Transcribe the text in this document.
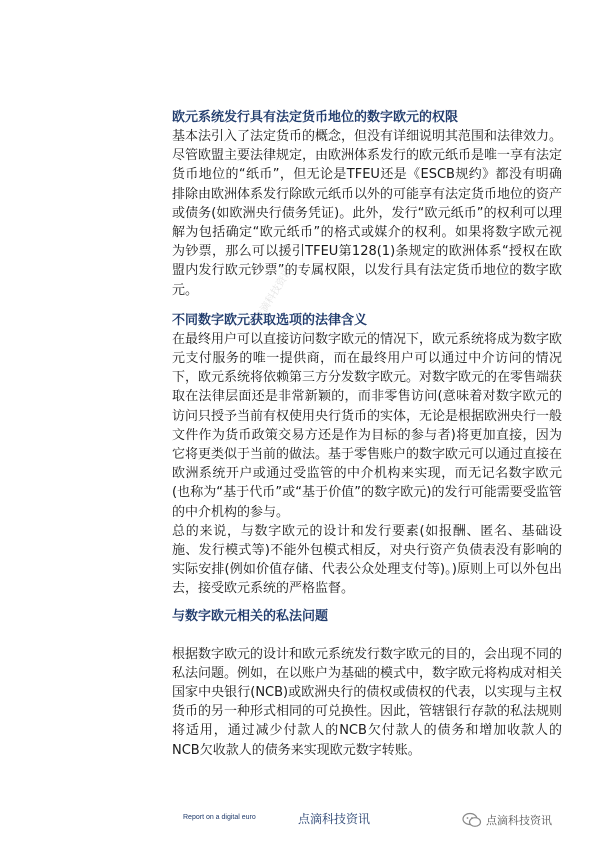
点滴科技资讯
欧元系统发行具有法定货币地位的数字欧元的权限

基本法引入了法定货币的概念，但没有详细说明其范围和法律效力。尽管欧盟主要法律规定，由欧洲体系发行的欧元纸币是唯一享有法定货币地位的“纸币”，但无论是TFEU还是《ESCB规约》都没有明确排除由欧洲体系发行除欧元纸币以外的可能享有法定货币地位的资产或债务(如欧洲央行债务凭证)。此外，发行“欧元纸币”的权利可以理解为包括确定“欧元纸币”的格式或媒介的权利。如果将数字欧元视为钞票，那么可以援引TFEU第128(1)条规定的欧洲体系“授权在欧盟内发行欧元钞票”的专属权限，以发行具有法定货币地位的数字欧元。

不同数字欧元获取选项的法律含义

在最终用户可以直接访问数字欧元的情况下，欧元系统将成为数字欧元支付服务的唯一提供商，而在最终用户可以通过中介访问的情况下，欧元系统将依赖第三方分发数字欧元。对数字欧元的在零售端获取在法律层面还是非常新颖的，而非零售访问(意味着对数字欧元的访问只授予当前有权使用央行货币的实体，无论是根据欧洲央行一般文件作为货币政策交易方还是作为目标的参与者)将更加直接，因为它将更类似于当前的做法。基于零售账户的数字欧元可以通过直接在欧洲系统开户或通过受监管的中介机构来实现，而无记名数字欧元(也称为“基于代币”或“基于价值”的数字欧元)的发行可能需要受监管的中介机构的参与。

总的来说，与数字欧元的设计和发行要素(如报酬、匿名、基础设施、发行模式等)不能外包模式相反，对央行资产负债表没有影响的实际安排(例如价值存储、代表公众处理支付等)。)原则上可以外包出去，接受欧元系统的严格监督。

与数字欧元相关的私法问题

根据数字欧元的设计和欧元系统发行数字欧元的目的，会出现不同的私法问题。例如，在以账户为基础的模式中，数字欧元将构成对相关国家中央银行(NCB)或欧洲央行的债权或债权的代表，以实现与主权货币的另一种形式相同的可兑换性。因此，管辖银行存款的私法规则将适用，通过减少付款人的NCB欠付款人的债务和增加收款人的NCB欠收款人的债务来实现欧元数字转账。

Report on a digital euro	点滴科技资讯	点滴科技资讯
